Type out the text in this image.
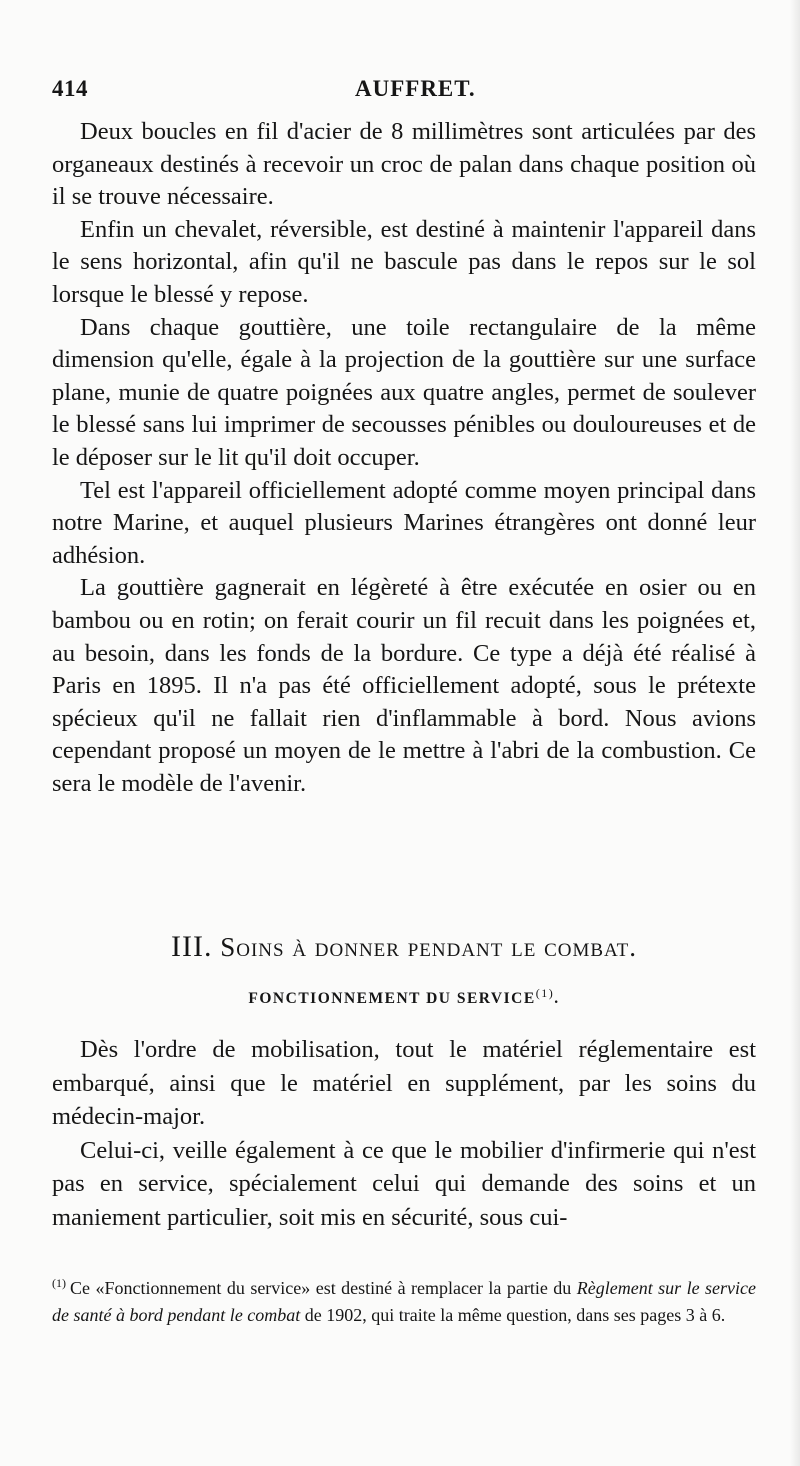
414	AUFFRET.

Deux boucles en fil d'acier de 8 millimètres sont articulées par des organeaux destinés à recevoir un croc de palan dans chaque position où il se trouve nécessaire.

Enfin un chevalet, réversible, est destiné à maintenir l'appareil dans le sens horizontal, afin qu'il ne bascule pas dans le repos sur le sol lorsque le blessé y repose.

Dans chaque gouttière, une toile rectangulaire de la même dimension qu'elle, égale à la projection de la gouttière sur une surface plane, munie de quatre poignées aux quatre angles, permet de soulever le blessé sans lui imprimer de secousses pénibles ou douloureuses et de le déposer sur le lit qu'il doit occuper.

Tel est l'appareil officiellement adopté comme moyen principal dans notre Marine, et auquel plusieurs Marines étrangères ont donné leur adhésion.

La gouttière gagnerait en légèreté à être exécutée en osier ou en bambou ou en rotin; on ferait courir un fil recuit dans les poignées et, au besoin, dans les fonds de la bordure. Ce type a déjà été réalisé à Paris en 1895. Il n'a pas été officiellement adopté, sous le prétexte spécieux qu'il ne fallait rien d'inflammable à bord. Nous avions cependant proposé un moyen de le mettre à l'abri de la combustion. Ce sera le modèle de l'avenir.

III. Soins à donner pendant le combat.
FONCTIONNEMENT DU SERVICE$^{(1)}$.

Dès l'ordre de mobilisation, tout le matériel réglementaire est embarqué, ainsi que le matériel en supplément, par les soins du médecin-major.

Celui-ci, veille également à ce que le mobilier d'infirmerie qui n'est pas en service, spécialement celui qui demande des soins et un maniement particulier, soit mis en sécurité, sous cui-

$^{(1)}$ Ce «Fonctionnement du service» est destiné à remplacer la partie du Règlement sur le service de santé à bord pendant le combat de 1902, qui traite la même question, dans ses pages 3 à 6.
